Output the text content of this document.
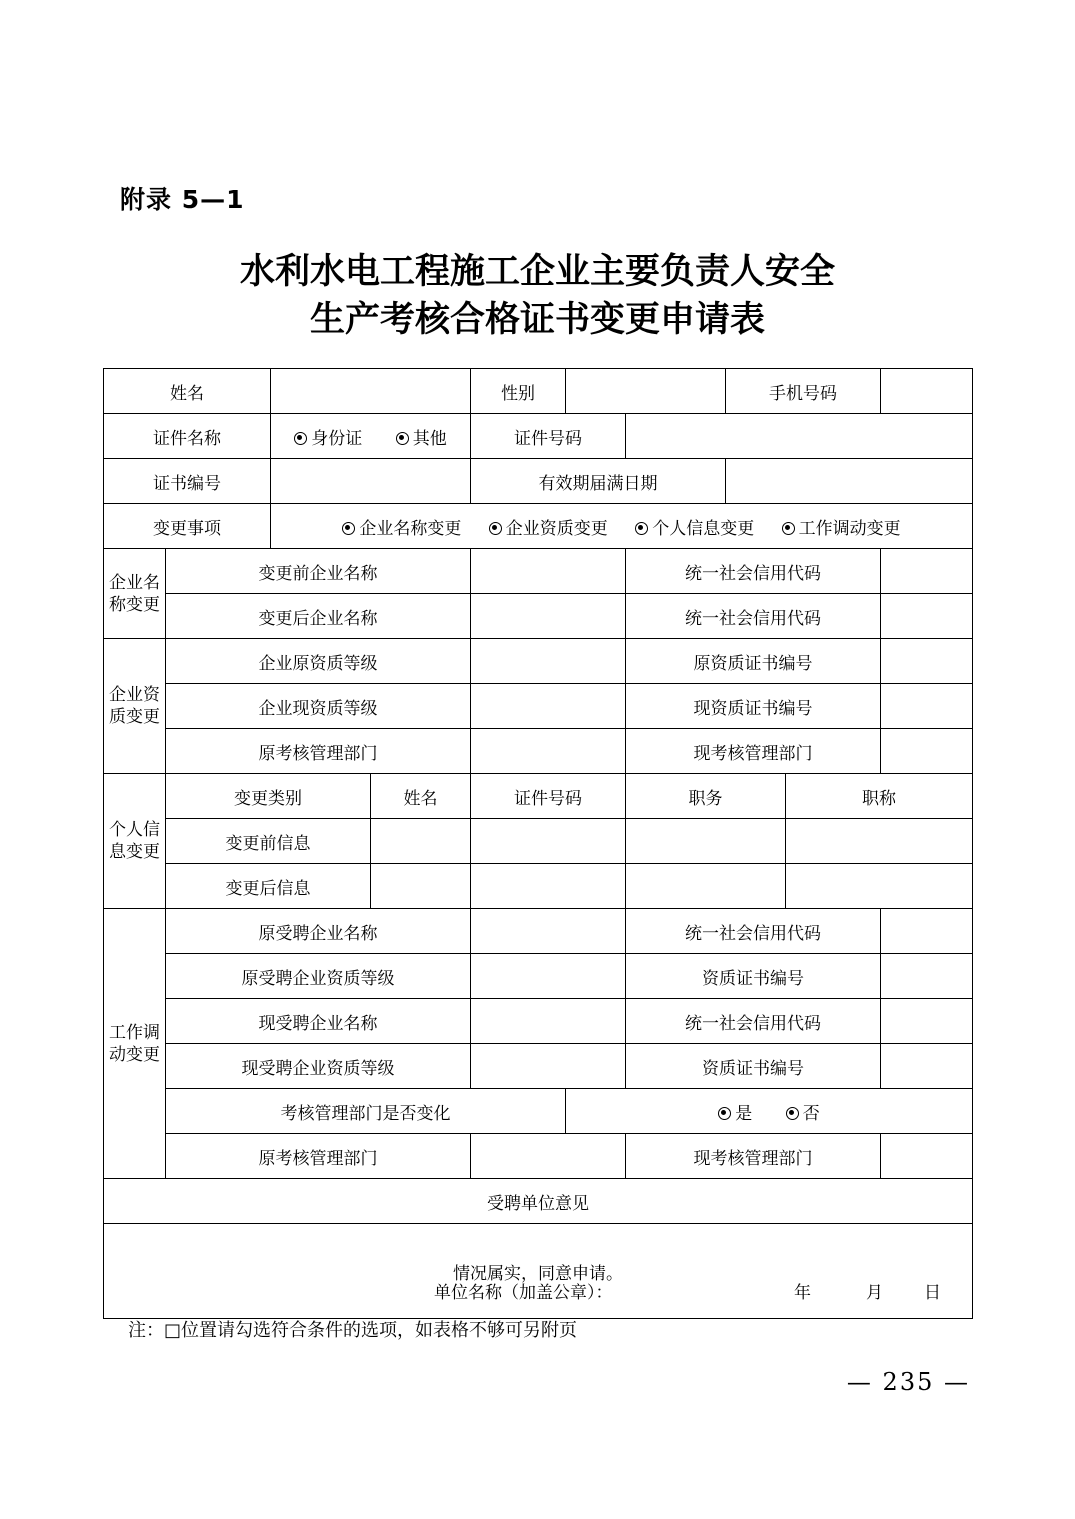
附录 5—1
水利水电工程施工企业主要负责人安全
生产考核合格证书变更申请表
姓名				性别			手机号码		
证件名称		身份证 其他		证件号码					
证书编号				有效期届满日期					
变更事项		企业名称变更 企业资质变更 个人信息变更 工作调动变更							
企业名称变更	变更前企业名称					统一社会信用代码			
	变更后企业名称					统一社会信用代码			
企业资质变更	企业原资质等级					原资质证书编号			
	企业现资质等级					现资质证书编号			
	原考核管理部门					现考核管理部门			
个人信息变更	变更类别		姓名	证件号码		职务		职称	
	变更前信息								
	变更后信息								
工作调动变更	原受聘企业名称					统一社会信用代码			
	原受聘企业资质等级					资质证书编号			
	现受聘企业名称					统一社会信用代码			
	现受聘企业资质等级					资质证书编号			
	考核管理部门是否变化				是 否				
	原考核管理部门					现考核管理部门			
受聘单位意见									
情况属实，同意申请。
单位名称（加盖公章）： 年 月 日									
注：□位置请勾选符合条件的选项，如表格不够可另附页
— 235 —
